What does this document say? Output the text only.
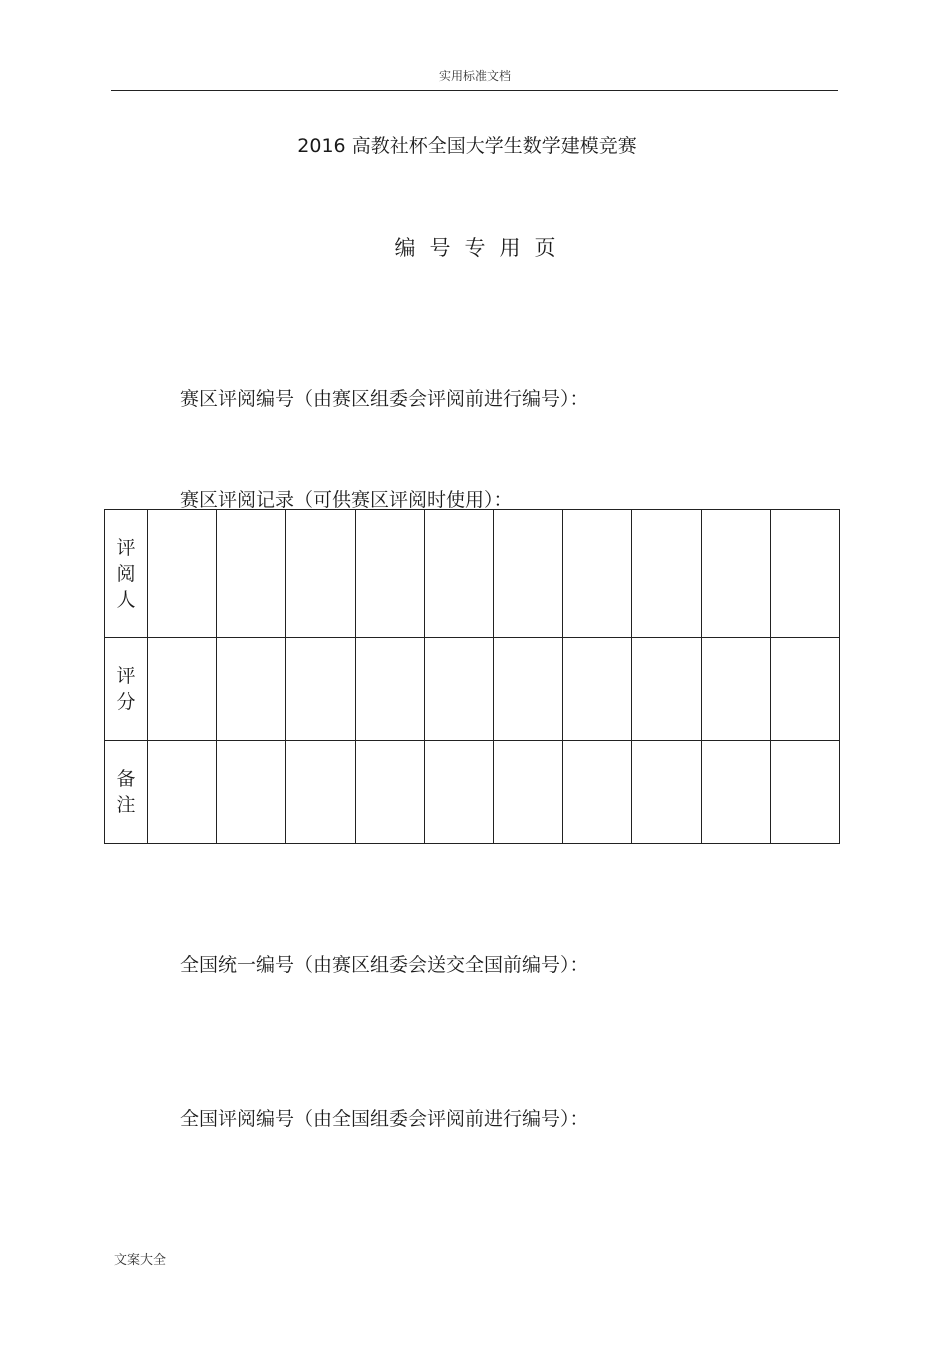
实用标准文档
2016 高教社杯全国大学生数学建模竞赛
编号专用页
赛区评阅编号（由赛区组委会评阅前进行编号）：
赛区评阅记录（可供赛区评阅时使用）：
评
阅
人										

评
分										

备
注										

全国统一编号（由赛区组委会送交全国前编号）：
全国评阅编号（由全国组委会评阅前进行编号）：
文案大全
